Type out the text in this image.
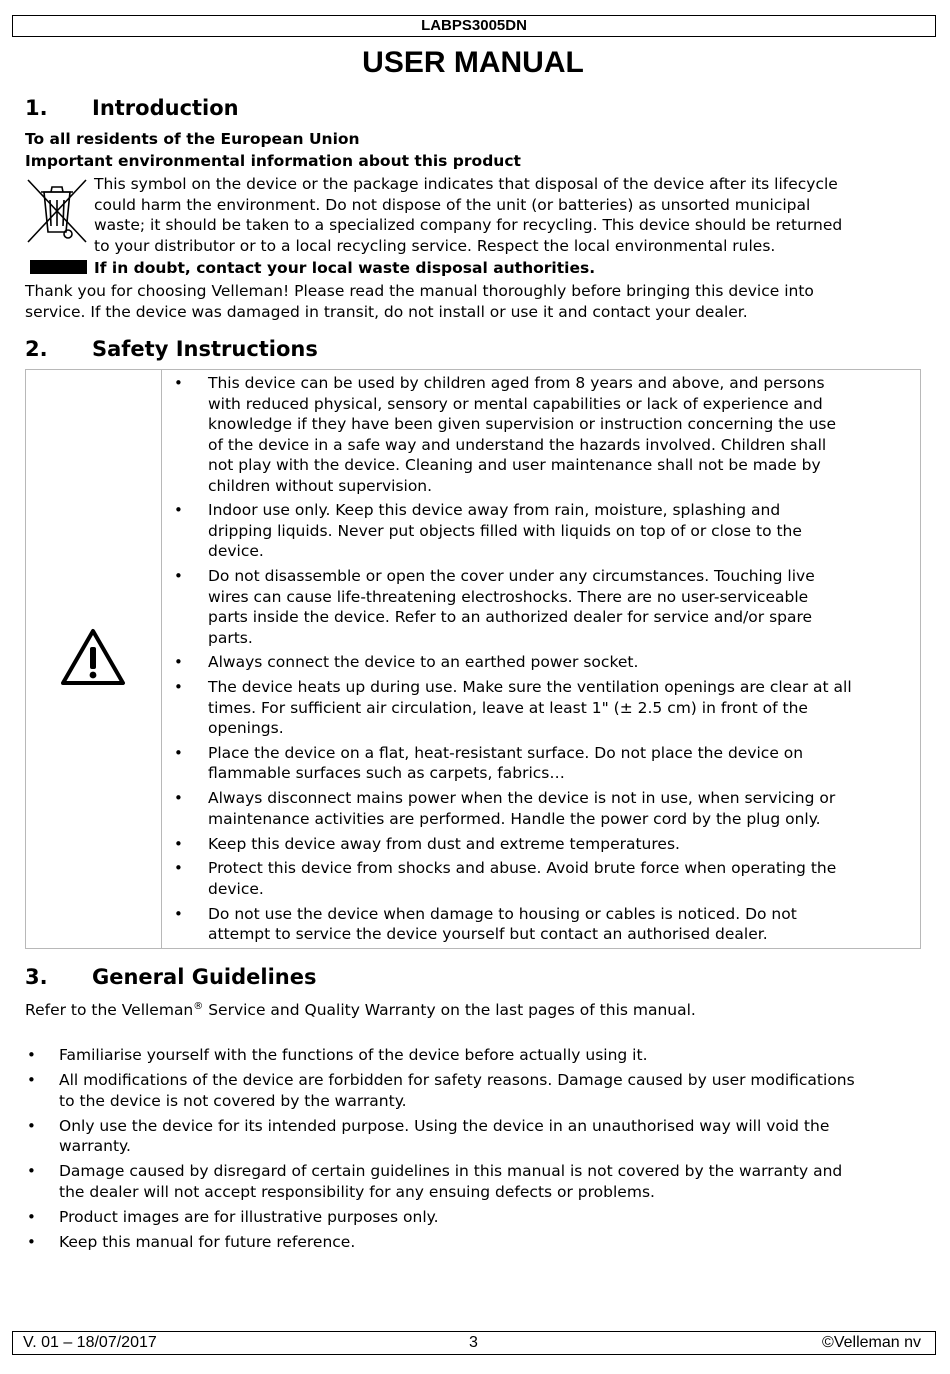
LABPS3005DN
USER MANUAL
1. Introduction
To all residents of the European Union
Important environmental information about this product
This symbol on the device or the package indicates that disposal of the device after its lifecycle
could harm the environment. Do not dispose of the unit (or batteries) as unsorted municipal
waste; it should be taken to a specialized company for recycling. This device should be returned
to your distributor or to a local recycling service. Respect the local environmental rules.
If in doubt, contact your local waste disposal authorities.
Thank you for choosing Velleman! Please read the manual thoroughly before bringing this device into
service. If the device was damaged in transit, do not install or use it and contact your dealer.
2. Safety Instructions
• This device can be used by children aged from 8 years and above, and persons
with reduced physical, sensory or mental capabilities or lack of experience and
knowledge if they have been given supervision or instruction concerning the use
of the device in a safe way and understand the hazards involved. Children shall
not play with the device. Cleaning and user maintenance shall not be made by
children without supervision.
• Indoor use only. Keep this device away from rain, moisture, splashing and
dripping liquids. Never put objects filled with liquids on top of or close to the
device.
• Do not disassemble or open the cover under any circumstances. Touching live
wires can cause life-threatening electroshocks. There are no user-serviceable
parts inside the device. Refer to an authorized dealer for service and/or spare
parts.
• Always connect the device to an earthed power socket.
• The device heats up during use. Make sure the ventilation openings are clear at all
times. For sufficient air circulation, leave at least 1" (± 2.5 cm) in front of the
openings.
• Place the device on a flat, heat-resistant surface. Do not place the device on
flammable surfaces such as carpets, fabrics…
• Always disconnect mains power when the device is not in use, when servicing or
maintenance activities are performed. Handle the power cord by the plug only.
• Keep this device away from dust and extreme temperatures.
• Protect this device from shocks and abuse. Avoid brute force when operating the
device.
• Do not use the device when damage to housing or cables is noticed. Do not
attempt to service the device yourself but contact an authorised dealer.
3. General Guidelines
Refer to the Velleman® Service and Quality Warranty on the last pages of this manual.
• Familiarise yourself with the functions of the device before actually using it.
• All modifications of the device are forbidden for safety reasons. Damage caused by user modifications
to the device is not covered by the warranty.
• Only use the device for its intended purpose. Using the device in an unauthorised way will void the
warranty.
• Damage caused by disregard of certain guidelines in this manual is not covered by the warranty and
the dealer will not accept responsibility for any ensuing defects or problems.
• Product images are for illustrative purposes only.
• Keep this manual for future reference.
V. 01 – 18/07/2017	3	©Velleman nv
